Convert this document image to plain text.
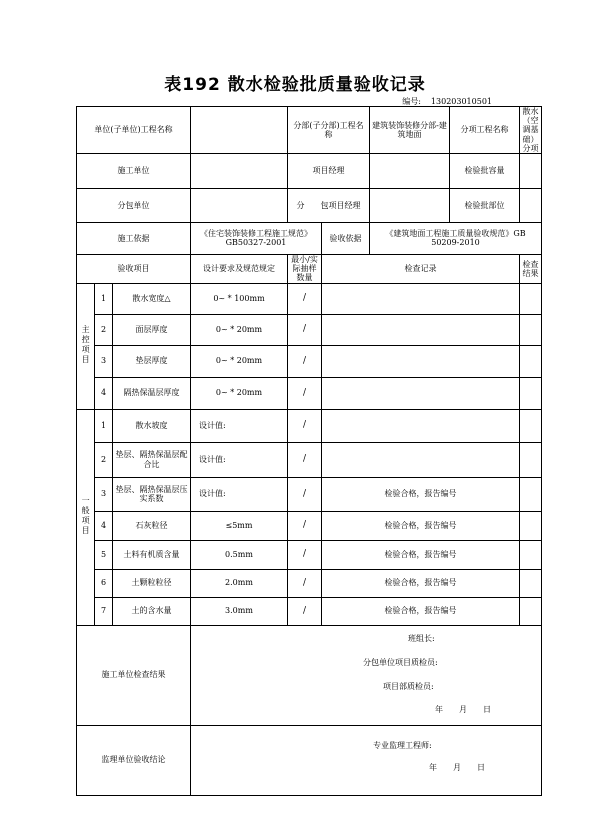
表192 散水检验批质量验收记录
编号: 130203010501
单位(子单位)工程名称				分部(子分部)工程名称		建筑装饰装修分部-建筑地面	分项工程名称	散水（空调基础）分项
施工单位				项目经理			检验批容量	
分包单位				分　　包项目经理			检验批部位	
施工依据			《住宅装饰装修工程施工规范》GB50327-2001		验收依据	《建筑地面工程施工质量验收规范》GB 50209-2010		
验收项目			设计要求及规范规定	最小/实际抽样数量	检查记录			检查结果
主控项目	1	散水宽度△	0~ * 100mm	/				
	2	面层厚度	0~ * 20mm	/				
	3	垫层厚度	0~ * 20mm	/				
	4	隔热保温层厚度	0~ * 20mm	/				
一般项目	1	散水坡度	设计值:	/				
	2	垫层、隔热保温层配合比	设计值:	/				
	3	垫层、隔热保温层压实系数	设计值:	/	检验合格，报告编号			
	4	石灰粒径	≤5mm	/	检验合格，报告编号			
	5	土料有机质含量	0.5mm	/	检验合格，报告编号			
	6	土颗粒粒径	2.0mm	/	检验合格，报告编号			
	7	土的含水量	3.0mm	/	检验合格，报告编号			
施工单位检查结果			班组长:
分包单位项目质检员:
项目部质检员:
年　　月　　日					

监理单位验收结论			专业监理工程师:
年　　月　　日					
